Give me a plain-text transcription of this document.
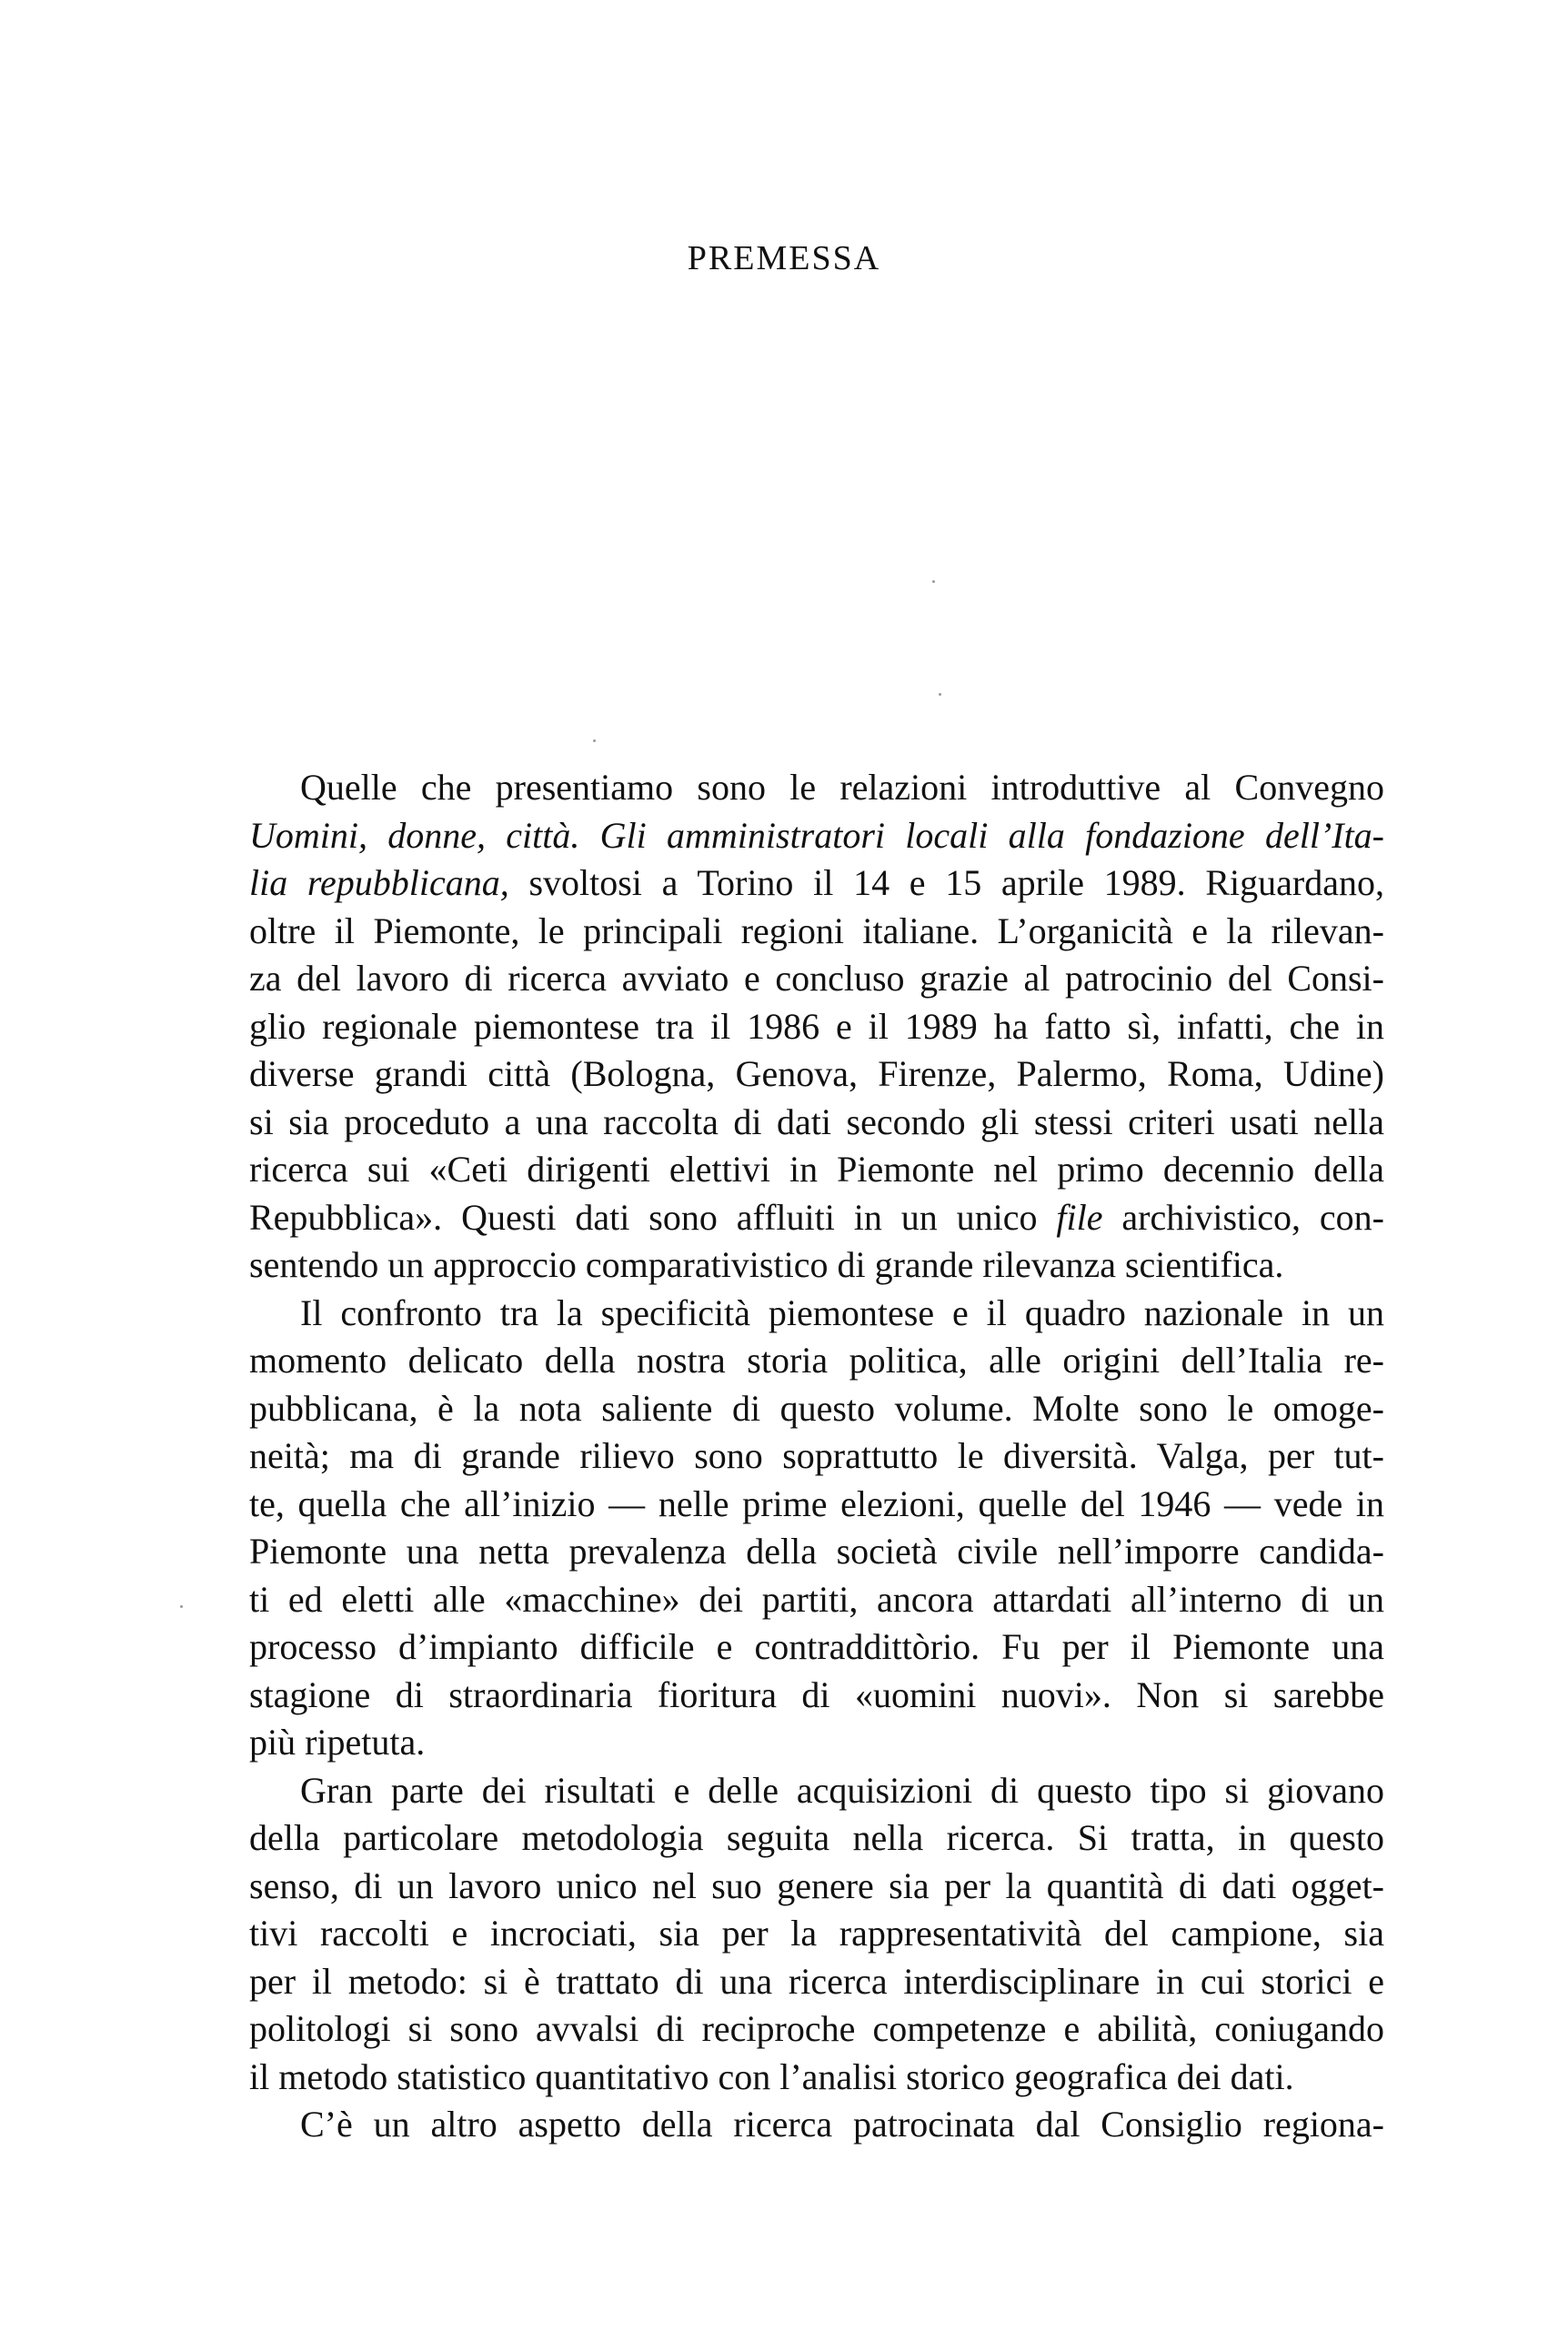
PREMESSA
Quelle che presentiamo sono le relazioni introduttive al Convegno
Uomini, donne, città. Gli amministratori locali alla fondazione dell’Ita-
lia repubblicana, svoltosi a Torino il 14 e 15 aprile 1989. Riguardano,
oltre il Piemonte, le principali regioni italiane. L’organicità e la rilevan-
za del lavoro di ricerca avviato e concluso grazie al patrocinio del Consi-
glio regionale piemontese tra il 1986 e il 1989 ha fatto sì, infatti, che in
diverse grandi città (Bologna, Genova, Firenze, Palermo, Roma, Udine)
si sia proceduto a una raccolta di dati secondo gli stessi criteri usati nella
ricerca sui «Ceti dirigenti elettivi in Piemonte nel primo decennio della
Repubblica». Questi dati sono affluiti in un unico file archivistico, con-
sentendo un approccio comparativistico di grande rilevanza scientifica.
Il confronto tra la specificità piemontese e il quadro nazionale in un
momento delicato della nostra storia politica, alle origini dell’Italia re-
pubblicana, è la nota saliente di questo volume. Molte sono le omoge-
neità; ma di grande rilievo sono soprattutto le diversità. Valga, per tut-
te, quella che all’inizio — nelle prime elezioni, quelle del 1946 — vede in
Piemonte una netta prevalenza della società civile nell’imporre candida-
ti ed eletti alle «macchine» dei partiti, ancora attardati all’interno di un
processo d’impianto difficile e contraddittòrio. Fu per il Piemonte una
stagione di straordinaria fioritura di «uomini nuovi». Non si sarebbe
più ripetuta.
Gran parte dei risultati e delle acquisizioni di questo tipo si giovano
della particolare metodologia seguita nella ricerca. Si tratta, in questo
senso, di un lavoro unico nel suo genere sia per la quantità di dati ogget-
tivi raccolti e incrociati, sia per la rappresentatività del campione, sia
per il metodo: si è trattato di una ricerca interdisciplinare in cui storici e
politologi si sono avvalsi di reciproche competenze e abilità, coniugando
il metodo statistico quantitativo con l’analisi storico geografica dei dati.
C’è un altro aspetto della ricerca patrocinata dal Consiglio regiona-
